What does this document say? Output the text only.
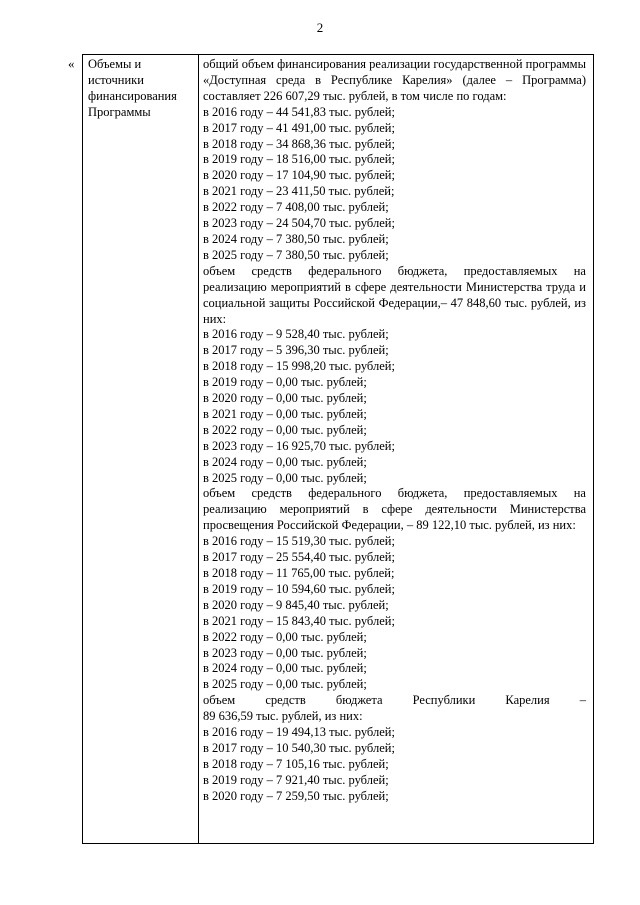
2
« Объемы и
источники
финансирования
Программы

общий объем финансирования реализации государственной программы «Доступная среда в Республике Карелия» (далее – Программа) составляет 226 607,29 тыс. рублей, в том числе по годам:

в 2016 году – 44 541,83 тыс. рублей;

в 2017 году – 41 491,00 тыс. рублей;

в 2018 году – 34 868,36 тыс. рублей;

в 2019 году – 18 516,00 тыс. рублей;

в 2020 году – 17 104,90 тыс. рублей;

в 2021 году – 23 411,50 тыс. рублей;

в 2022 году – 7 408,00 тыс. рублей;

в 2023 году – 24 504,70 тыс. рублей;

в 2024 году – 7 380,50 тыс. рублей;

в 2025 году – 7 380,50 тыс. рублей;

объем средств федерального бюджета, предоставляемых на реализацию мероприятий в сфере деятельности Министерства труда и социальной защиты Российской Федерации,– 47 848,60 тыс. рублей, из них:

в 2016 году – 9 528,40 тыс. рублей;

в 2017 году – 5 396,30 тыс. рублей;

в 2018 году – 15 998,20 тыс. рублей;

в 2019 году – 0,00 тыс. рублей;

в 2020 году – 0,00 тыс. рублей;

в 2021 году – 0,00 тыс. рублей;

в 2022 году – 0,00 тыс. рублей;

в 2023 году – 16 925,70 тыс. рублей;

в 2024 году – 0,00 тыс. рублей;

в 2025 году – 0,00 тыс. рублей;

объем средств федерального бюджета, предоставляемых на реализацию мероприятий в сфере деятельности Министерства просвещения Российской Федерации, – 89 122,10 тыс. рублей, из них:

в 2016 году – 15 519,30 тыс. рублей;

в 2017 году – 25 554,40 тыс. рублей;

в 2018 году – 11 765,00 тыс. рублей;

в 2019 году – 10 594,60 тыс. рублей;

в 2020 году – 9 845,40 тыс. рублей;

в 2021 году – 15 843,40 тыс. рублей;

в 2022 году – 0,00 тыс. рублей;

в 2023 году – 0,00 тыс. рублей;

в 2024 году – 0,00 тыс. рублей;

в 2025 году – 0,00 тыс. рублей;

объем средств бюджета Республики Карелия –

89 636,59 тыс. рублей, из них:

в 2016 году – 19 494,13 тыс. рублей;

в 2017 году – 10 540,30 тыс. рублей;

в 2018 году – 7 105,16 тыс. рублей;

в 2019 году – 7 921,40 тыс. рублей;

в 2020 году – 7 259,50 тыс. рублей;
